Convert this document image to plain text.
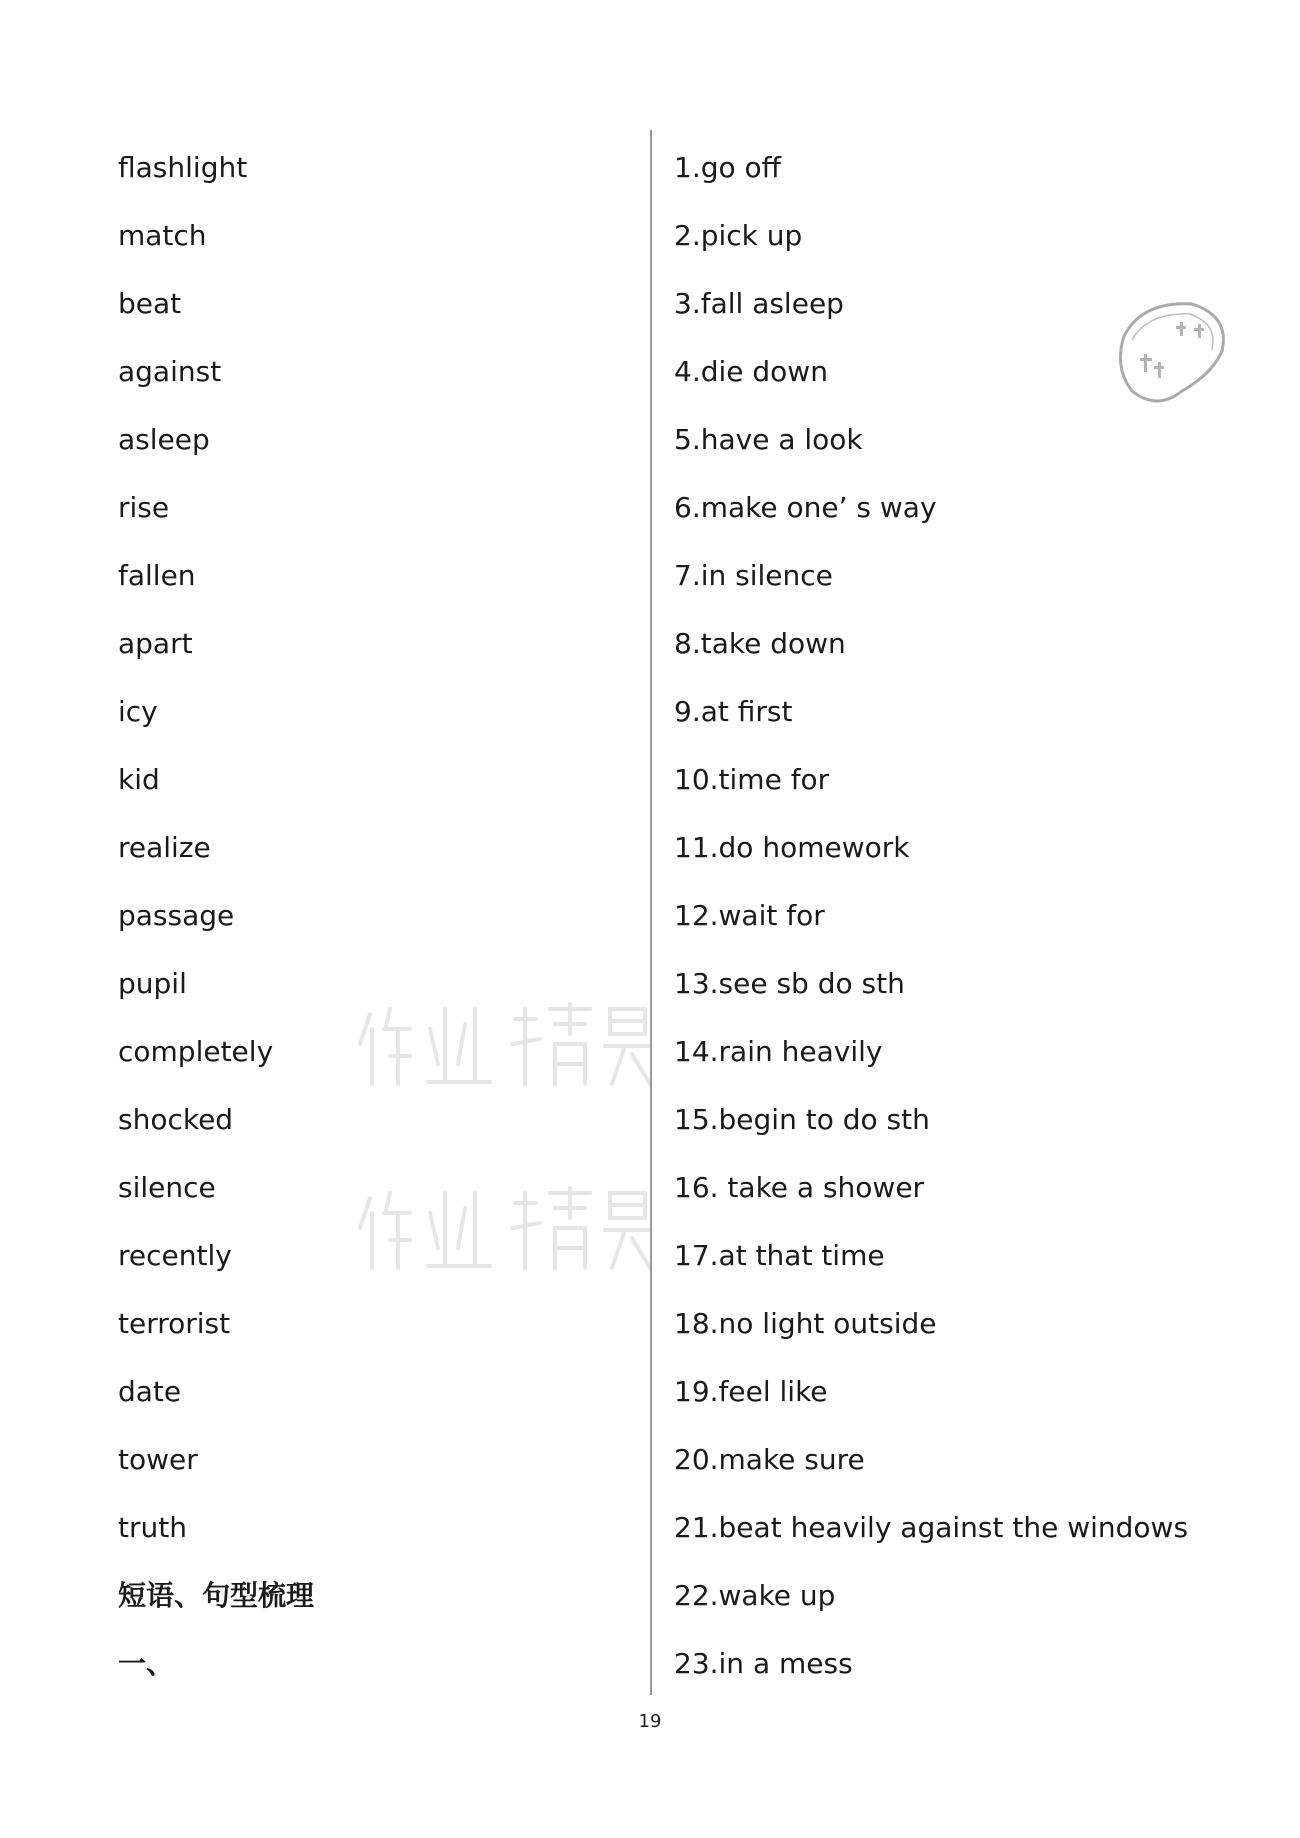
flashlight
match
beat
against
asleep
rise
fallen
apart
icy
kid
realize
passage
pupil
completely
shocked
silence
recently
terrorist
date
tower
truth
短语、句型梳理
一、
1.go off
2.pick up
3.fall asleep
4.die down
5.have a look
6.make one’ s way
7.in silence
8.take down
9.at first
10.time for
11.do homework
12.wait for
13.see sb do sth
14.rain heavily
15.begin to do sth
16. take a shower
17.at that time
18.no light outside
19.feel like
20.make sure
21.beat heavily against the windows
22.wake up
23.in a mess
19
